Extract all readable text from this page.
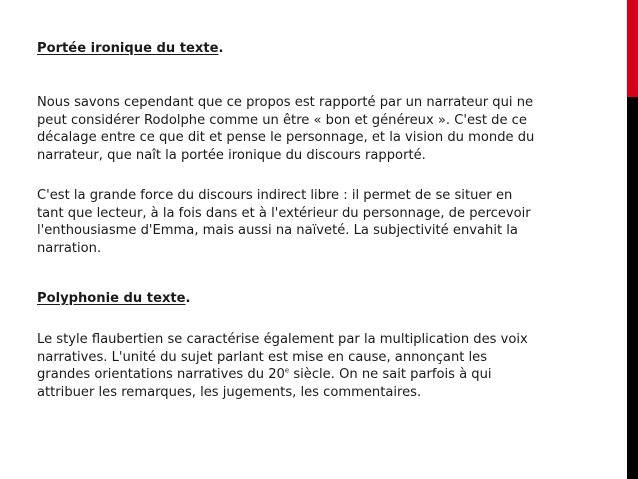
Portée ironique du texte.

Nous savons cependant que ce propos est rapporté par un narrateur qui ne
peut considérer Rodolphe comme un être « bon et généreux ». C'est de ce
décalage entre ce que dit et pense le personnage, et la vision du monde du
narrateur, que naît la portée ironique du discours rapporté.

C'est la grande force du discours indirect libre : il permet de se situer en
tant que lecteur, à la fois dans et à l'extérieur du personnage, de percevoir
l'enthousiasme d'Emma, mais aussi na naïveté. La subjectivité envahit la
narration.

Polyphonie du texte.

Le style flaubertien se caractérise également par la multiplication des voix
narratives. L'unité du sujet parlant est mise en cause, annonçant les
grandes orientations narratives du 20e siècle. On ne sait parfois à qui
attribuer les remarques, les jugements, les commentaires.
